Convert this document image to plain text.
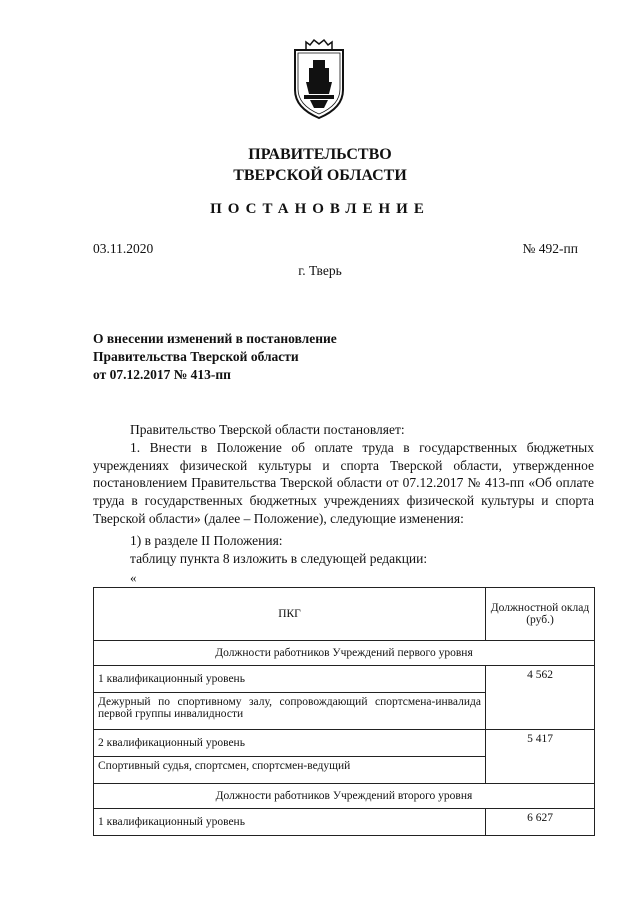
ПРАВИТЕЛЬСТВО
ТВЕРСКОЙ ОБЛАСТИ
ПОСТАНОВЛЕНИЕ
03.11.2020	№ 492-пп
г. Тверь
О внесении изменений в постановление
Правительства Тверской области
от 07.12.2017 № 413-пп
Правительство Тверской области постановляет:
1. Внести в Положение об оплате труда в государственных бюджетных учреждениях физической культуры и спорта Тверской области, утвержденное постановлением Правительства Тверской области от 07.12.2017 № 413-пп «Об оплате труда в государственных бюджетных учреждениях физической культуры и спорта Тверской области» (далее – Положение), следующие изменения:
1) в разделе II Положения:
таблицу пункта 8 изложить в следующей редакции:
«
ПКГ	Должностной оклад (руб.)
Должности работников Учреждений первого уровня	
1 квалификационный уровень	4 562
Дежурный по спортивному залу, сопровождающий спортсмена-инвалида первой группы инвалидности	
2 квалификационный уровень	5 417
Спортивный судья, спортсмен, спортсмен-ведущий	
Должности работников Учреждений второго уровня	
1 квалификационный уровень	6 627
